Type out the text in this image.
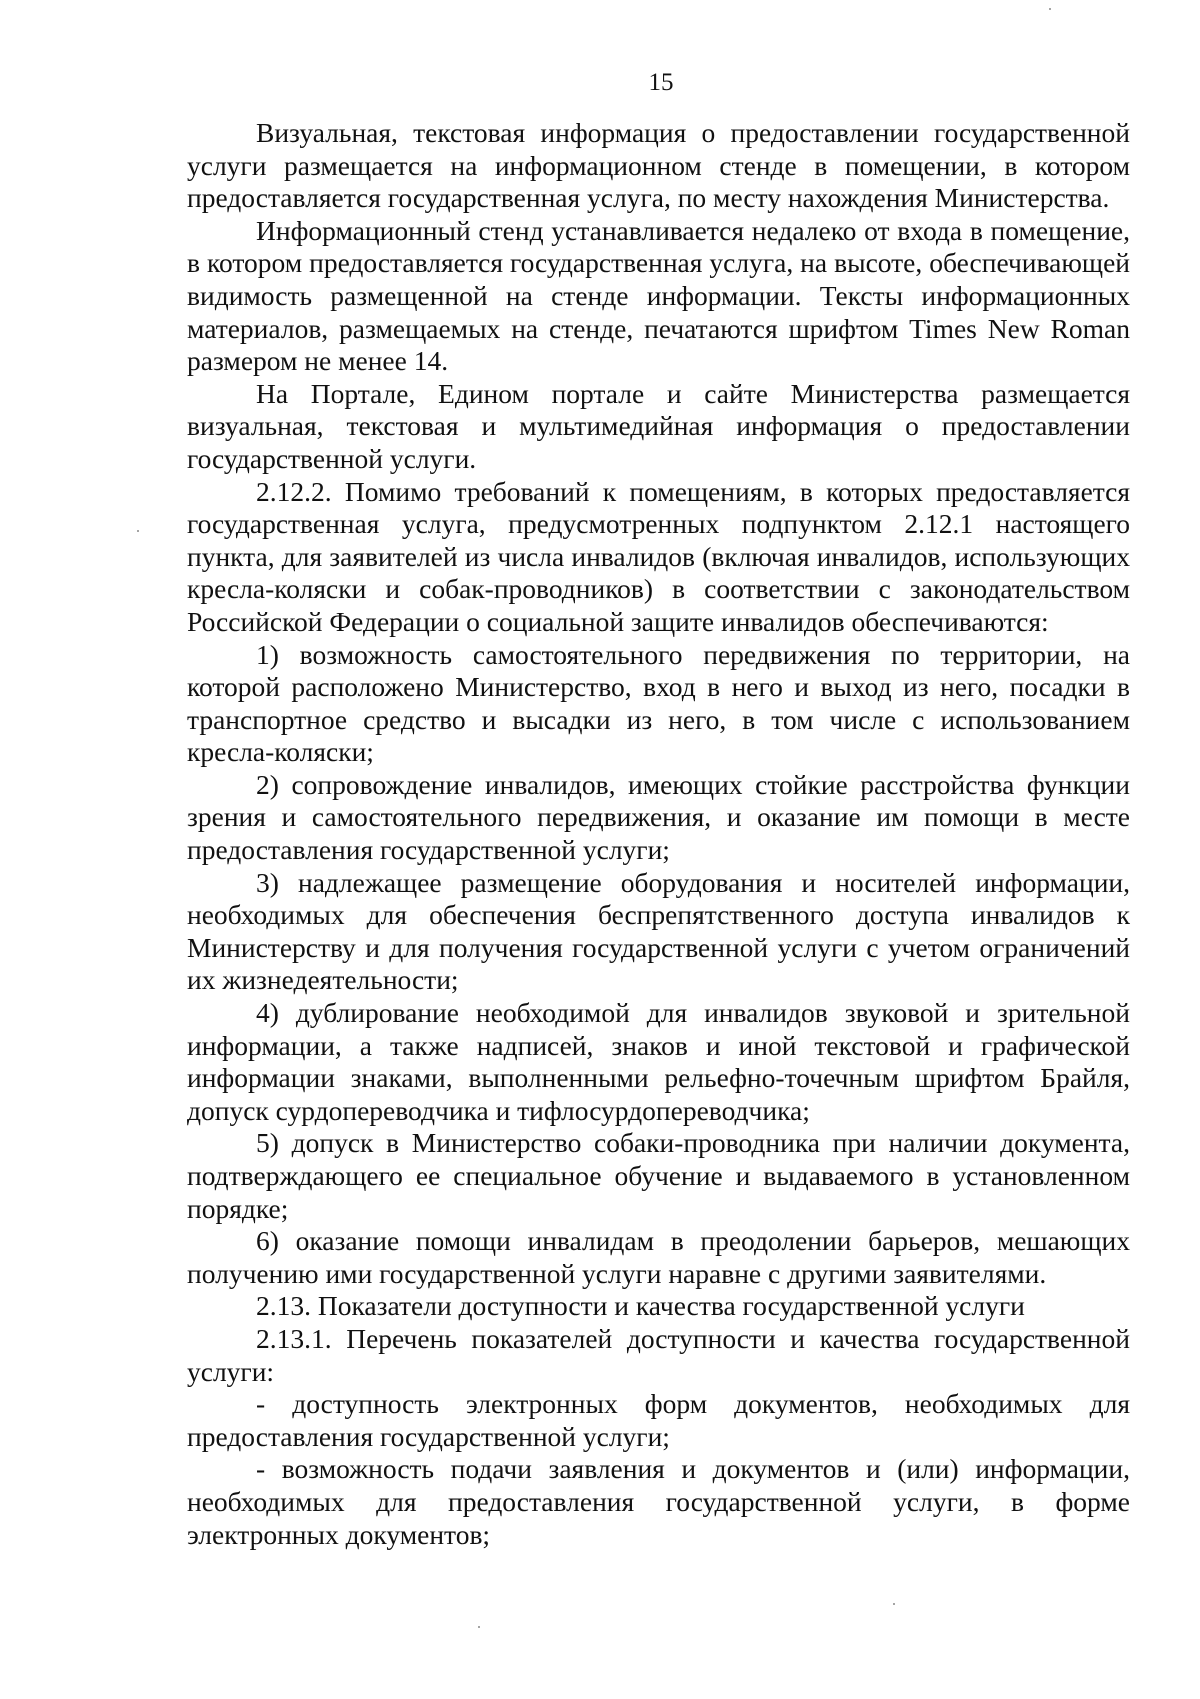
15

Визуальная, текстовая информация о предоставлении государственной услуги размещается на информационном стенде в помещении, в котором предоставляется государственная услуга, по месту нахождения Министерства.

Информационный стенд устанавливается недалеко от входа в помещение, в котором предоставляется государственная услуга, на высоте, обеспечивающей видимость размещенной на стенде информации. Тексты информационных материалов, размещаемых на стенде, печатаются шрифтом Times New Roman размером не менее 14.

На Портале, Едином портале и сайте Министерства размещается визуальная, текстовая и мультимедийная информация о предоставлении государственной услуги.

2.12.2. Помимо требований к помещениям, в которых предоставляется государственная услуга, предусмотренных подпунктом 2.12.1 настоящего пункта, для заявителей из числа инвалидов (включая инвалидов, использующих кресла-коляски и собак-проводников) в соответствии с законодательством Российской Федерации о социальной защите инвалидов обеспечиваются:

1) возможность самостоятельного передвижения по территории, на которой расположено Министерство, вход в него и выход из него, посадки в транспортное средство и высадки из него, в том числе с использованием кресла-коляски;

2) сопровождение инвалидов, имеющих стойкие расстройства функции зрения и самостоятельного передвижения, и оказание им помощи в месте предоставления государственной услуги;

3) надлежащее размещение оборудования и носителей информации, необходимых для обеспечения беспрепятственного доступа инвалидов к Министерству и для получения государственной услуги с учетом ограничений их жизнедеятельности;

4) дублирование необходимой для инвалидов звуковой и зрительной информации, а также надписей, знаков и иной текстовой и графической информации знаками, выполненными рельефно-точечным шрифтом Брайля, допуск сурдопереводчика и тифлосурдопереводчика;

5) допуск в Министерство собаки-проводника при наличии документа, подтверждающего ее специальное обучение и выдаваемого в установленном порядке;

6) оказание помощи инвалидам в преодолении барьеров, мешающих получению ими государственной услуги наравне с другими заявителями.

2.13. Показатели доступности и качества государственной услуги

2.13.1. Перечень показателей доступности и качества государственной услуги:

- доступность электронных форм документов, необходимых для предоставления государственной услуги;

- возможность подачи заявления и документов и (или) информации, необходимых для предоставления государственной услуги, в форме электронных документов;
